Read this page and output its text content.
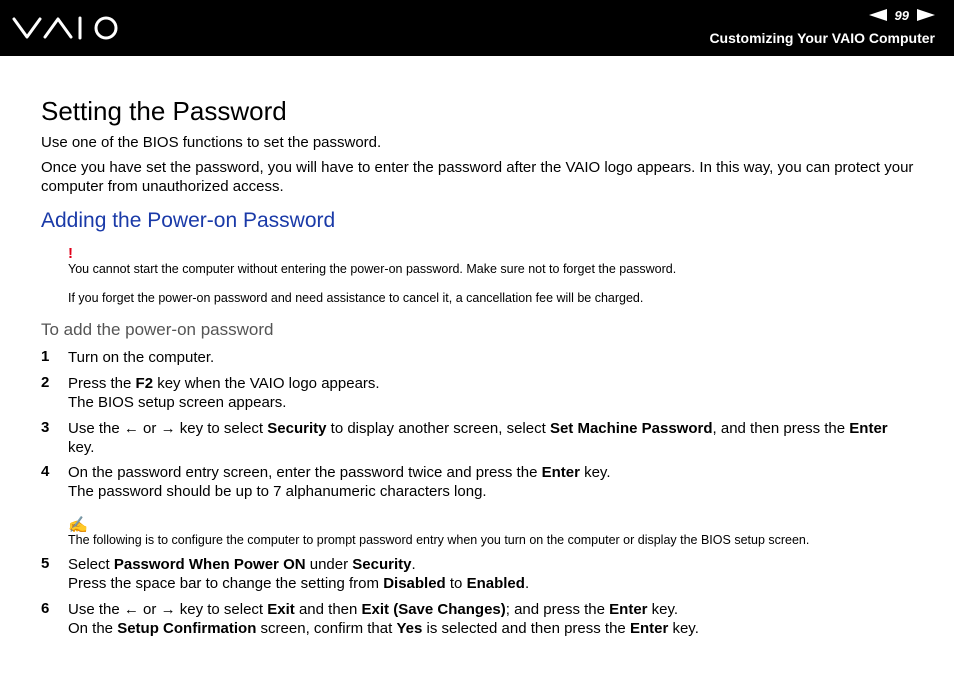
99
Customizing Your VAIO Computer
Setting the Password
Use one of the BIOS functions to set the password.
Once you have set the password, you will have to enter the password after the VAIO logo appears. In this way, you can protect your computer from unauthorized access.
Adding the Power-on Password
!
You cannot start the computer without entering the power-on password. Make sure not to forget the password.
If you forget the power-on password and need assistance to cancel it, a cancellation fee will be charged.
To add the power-on password
1 Turn on the computer.
2 Press the F2 key when the VAIO logo appears.
The BIOS setup screen appears.
3 Use the ← or → key to select Security to display another screen, select Set Machine Password, and then press the Enter key.
4 On the password entry screen, enter the password twice and press the Enter key.
The password should be up to 7 alphanumeric characters long.
✍
The following is to configure the computer to prompt password entry when you turn on the computer or display the BIOS setup screen.
5 Select Password When Power ON under Security.
Press the space bar to change the setting from Disabled to Enabled.
6 Use the ← or → key to select Exit and then Exit (Save Changes); and press the Enter key.
On the Setup Confirmation screen, confirm that Yes is selected and then press the Enter key.
